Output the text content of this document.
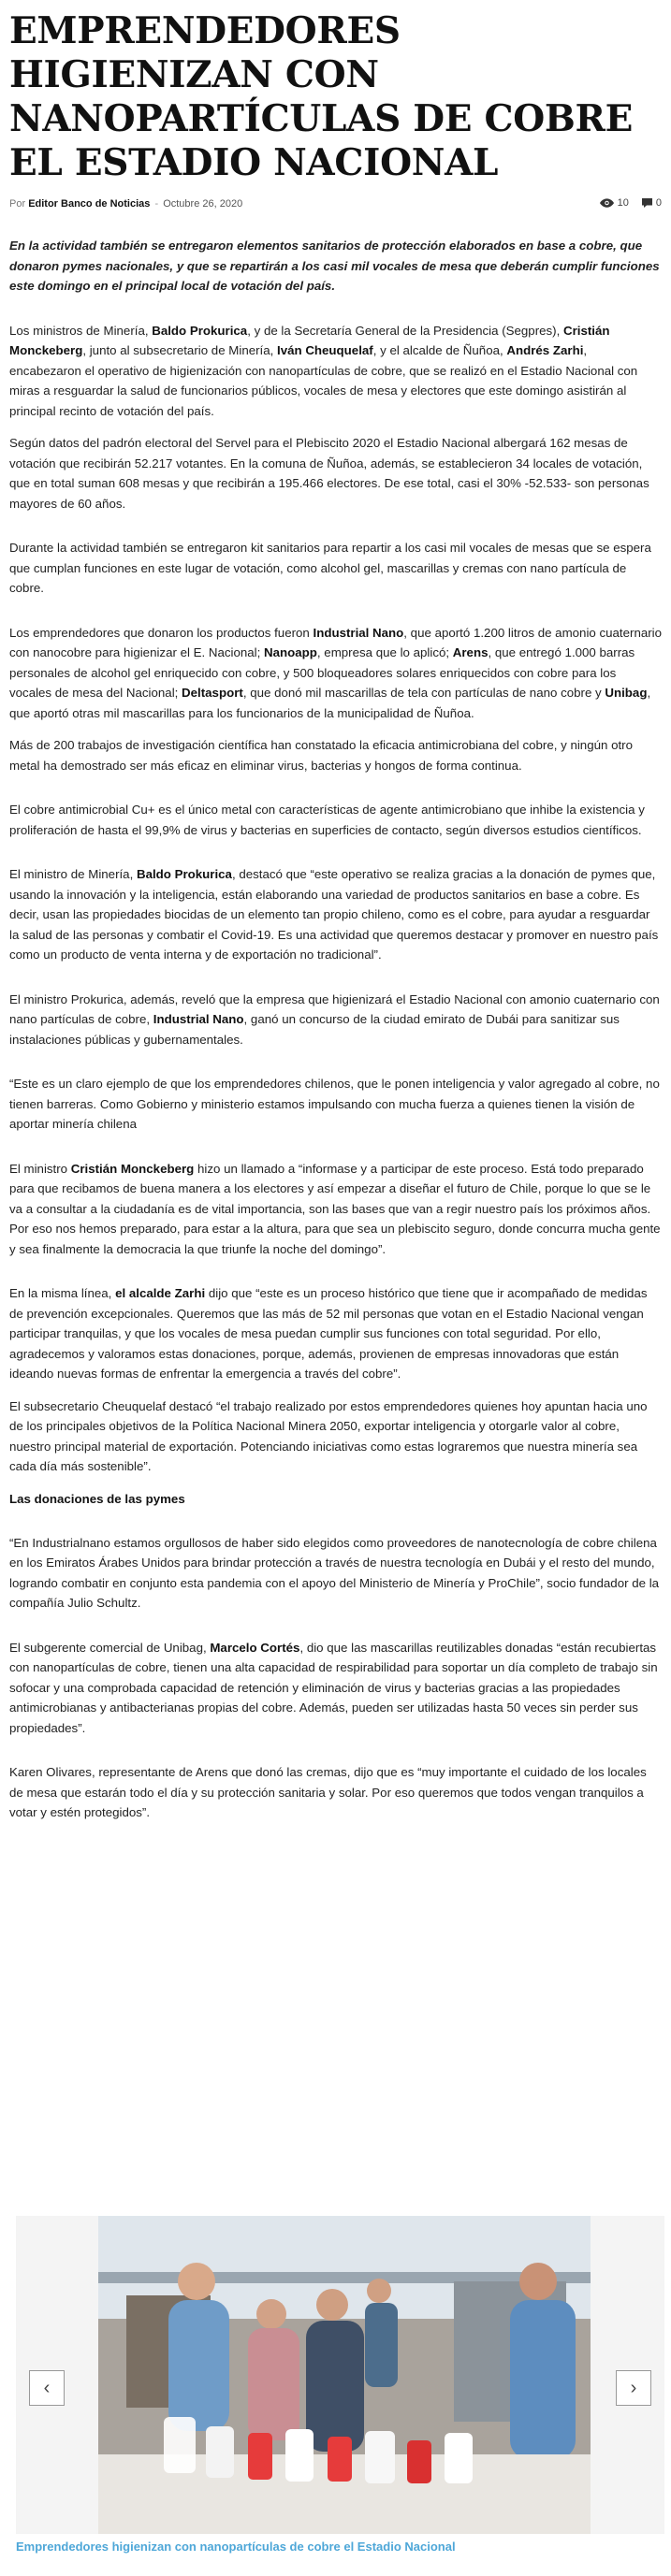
EMPRENDEDORES HIGIENIZAN CON NANOPARTÍCULAS DE COBRE EL ESTADIO NACIONAL
Por Editor Banco de Noticias - Octubre 26, 2020	10	0

En la actividad también se entregaron elementos sanitarios de protección elaborados en base a cobre, que donaron pymes nacionales, y que se repartirán a los casi mil vocales de mesa que deberán cumplir funciones este domingo en el principal local de votación del país.

Los ministros de Minería, Baldo Prokurica, y de la Secretaría General de la Presidencia (Segpres), Cristián Monckeberg, junto al subsecretario de Minería, Iván Cheuquelaf, y el alcalde de Ñuñoa, Andrés Zarhi, encabezaron el operativo de higienización con nanopartículas de cobre, que se realizó en el Estadio Nacional con miras a resguardar la salud de funcionarios públicos, vocales de mesa y electores que este domingo asistirán al principal recinto de votación del país.

Según datos del padrón electoral del Servel para el Plebiscito 2020 el Estadio Nacional albergará 162 mesas de votación que recibirán 52.217 votantes. En la comuna de Ñuñoa, además, se establecieron 34 locales de votación, que en total suman 608 mesas y que recibirán a 195.466 electores. De ese total, casi el 30% -52.533- son personas mayores de 60 años.

Durante la actividad también se entregaron kit sanitarios para repartir a los casi mil vocales de mesas que se espera que cumplan funciones en este lugar de votación, como alcohol gel, mascarillas y cremas con nano partícula de cobre.

Los emprendedores que donaron los productos fueron Industrial Nano, que aportó 1.200 litros de amonio cuaternario con nanocobre para higienizar el E. Nacional; Nanoapp, empresa que lo aplicó; Arens, que entregó 1.000 barras personales de alcohol gel enriquecido con cobre, y 500 bloqueadores solares enriquecidos con cobre para los vocales de mesa del Nacional; Deltasport, que donó mil mascarillas de tela con partículas de nano cobre y Unibag, que aportó otras mil mascarillas para los funcionarios de la municipalidad de Ñuñoa.

Más de 200 trabajos de investigación científica han constatado la eficacia antimicrobiana del cobre, y ningún otro metal ha demostrado ser más eficaz en eliminar virus, bacterias y hongos de forma continua.

El cobre antimicrobial Cu+ es el único metal con características de agente antimicrobiano que inhibe la existencia y proliferación de hasta el 99,9% de virus y bacterias en superficies de contacto, según diversos estudios científicos.

El ministro de Minería, Baldo Prokurica, destacó que “este operativo se realiza gracias a la donación de pymes que, usando la innovación y la inteligencia, están elaborando una variedad de productos sanitarios en base a cobre. Es decir, usan las propiedades biocidas de un elemento tan propio chileno, como es el cobre, para ayudar a resguardar la salud de las personas y combatir el Covid-19. Es una actividad que queremos destacar y promover en nuestro país como un producto de venta interna y de exportación no tradicional”.

El ministro Prokurica, además, reveló que la empresa que higienizará el Estadio Nacional con amonio cuaternario con nano partículas de cobre, Industrial Nano, ganó un concurso de la ciudad emirato de Dubái para sanitizar sus instalaciones públicas y gubernamentales.

“Este es un claro ejemplo de que los emprendedores chilenos, que le ponen inteligencia y valor agregado al cobre, no tienen barreras. Como Gobierno y ministerio estamos impulsando con mucha fuerza a quienes tienen la visión de aportar minería chilena

El ministro Cristián Monckeberg hizo un llamado a “informase y a participar de este proceso. Está todo preparado para que recibamos de buena manera a los electores y así empezar a diseñar el futuro de Chile, porque lo que se le va a consultar a la ciudadanía es de vital importancia, son las bases que van a regir nuestro país los próximos años. Por eso nos hemos preparado, para estar a la altura, para que sea un plebiscito seguro, donde concurra mucha gente y sea finalmente la democracia la que triunfe la noche del domingo”.

En la misma línea, el alcalde Zarhi dijo que “este es un proceso histórico que tiene que ir acompañado de medidas de prevención excepcionales. Queremos que las más de 52 mil personas que votan en el Estadio Nacional vengan participar tranquilas, y que los vocales de mesa puedan cumplir sus funciones con total seguridad. Por ello, agradecemos y valoramos estas donaciones, porque, además, provienen de empresas innovadoras que están ideando nuevas formas de enfrentar la emergencia a través del cobre”.

El subsecretario Cheuquelaf destacó “el trabajo realizado por estos emprendedores quienes hoy apuntan hacia uno de los principales objetivos de la Política Nacional Minera 2050, exportar inteligencia y otorgarle valor al cobre, nuestro principal material de exportación. Potenciando iniciativas como estas lograremos que nuestra minería sea cada día más sostenible”.

Las donaciones de las pymes

“En Industrialnano estamos orgullosos de haber sido elegidos como proveedores de nanotecnología de cobre chilena en los Emiratos Árabes Unidos para brindar protección a través de nuestra tecnología en Dubái y el resto del mundo, logrando combatir en conjunto esta pandemia con el apoyo del Ministerio de Minería y ProChile”, socio fundador de la compañía Julio Schultz.

El subgerente comercial de Unibag, Marcelo Cortés, dio que las mascarillas reutilizables donadas “están recubiertas con nanopartículas de cobre, tienen una alta capacidad de respirabilidad para soportar un día completo de trabajo sin sofocar y una comprobada capacidad de retención y eliminación de virus y bacterias gracias a las propiedades antimicrobianas y antibacterianas propias del cobre. Además, pueden ser utilizadas hasta 50 veces sin perder sus propiedades”.

Karen Olivares, representante de Arens que donó las cremas, dijo que es “muy importante el cuidado de los locales de mesa que estarán todo el día y su protección sanitaria y solar. Por eso queremos que todos vengan tranquilos a votar y estén protegidos”.

‹	›
Emprendedores higienizan con nanopartículas de cobre el Estadio Nacional
